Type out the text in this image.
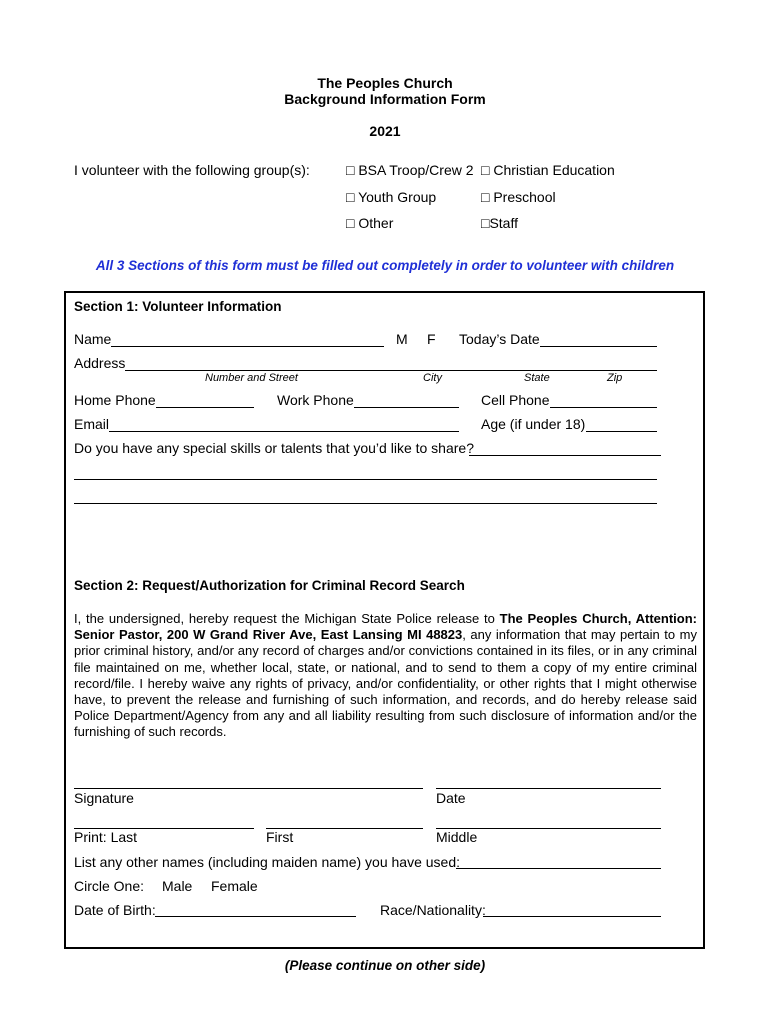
The Peoples Church
Background Information Form
2021
I volunteer with the following group(s):	□ BSA Troop/Crew 2 □ Christian Education
□ Youth Group	□ Preschool
□ Other	□Staff
All 3 Sections of this form must be filled out completely in order to volunteer with children
Section 1: Volunteer Information
Name	M F Today’s Date
Address
Number and Street	City	State	Zip
Home Phone	Work Phone	Cell Phone
Email	Age (if under 18)
Do you have any special skills or talents that you’d like to share?
Section 2: Request/Authorization for Criminal Record Search
I, the undersigned, hereby request the Michigan State Police release to The Peoples Church, Attention: Senior Pastor, 200 W Grand River Ave, East Lansing MI 48823, any information that may pertain to my prior criminal history, and/or any record of charges and/or convictions contained in its files, or in any criminal file maintained on me, whether local, state, or national, and to send to them a copy of my entire criminal record/file. I hereby waive any rights of privacy, and/or confidentiality, or other rights that I might otherwise have, to prevent the release and furnishing of such information, and records, and do hereby release said Police Department/Agency from any and all liability resulting from such disclosure of information and/or the furnishing of such records.
Signature	Date
Print: Last	First	Middle
List any other names (including maiden name) you have used:
Circle One: Male Female
Date of Birth:	Race/Nationality:
(Please continue on other side)
